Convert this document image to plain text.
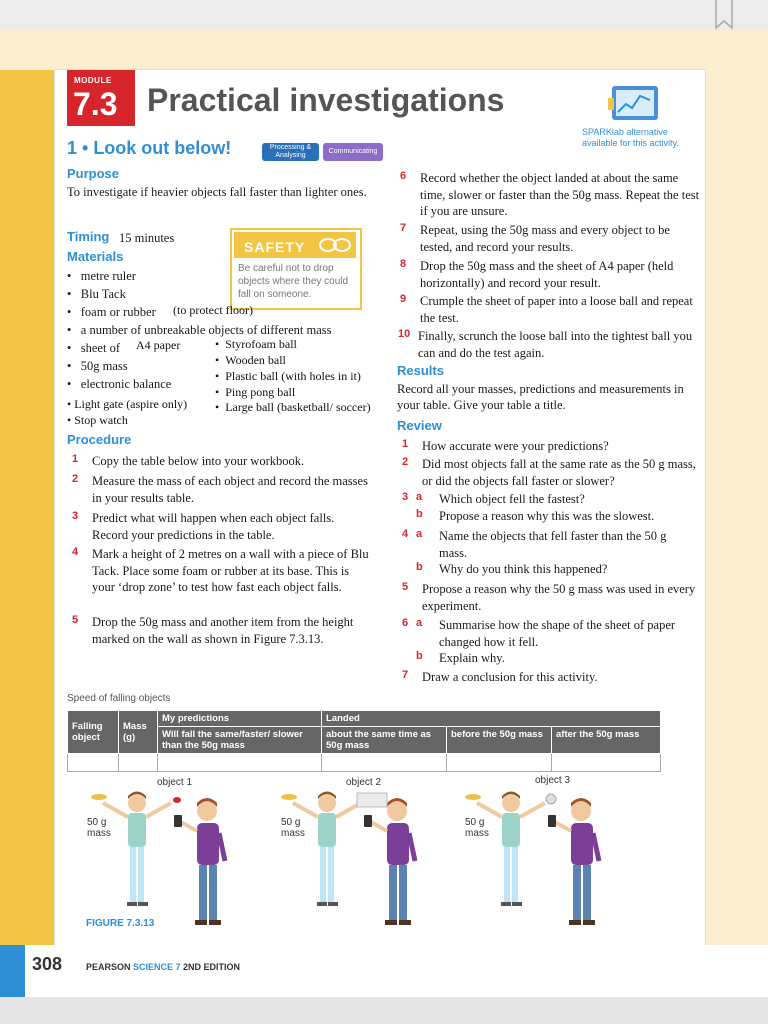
MODULE
7.3 Practical investigations
SPARKlab alternative available for this activity.
1 • Look out below!	Processing & Analysing
Communicating
Purpose
To investigate if heavier objects fall faster than lighter ones.
Timing 15 minutes
SAFETY
Be careful not to drop objects where they could fall on someone.
Materials
•   metre ruler
•   Blu Tack
•   foam or rubber (to protect floor)
•   a number of unbreakable objects of different mass
•   sheet of A4 paper
•   50g mass
•   electronic balance
• Light gate (aspire only)
• Stop watch
•  Styrofoam ball
•  Wooden ball
•  Plastic ball (with holes in it)
•  Ping pong ball
•  Large ball (basketball/ soccer)
Procedure
1 Copy the table below into your workbook.
2 Measure the mass of each object and record the masses in your results table.
3 Predict what will happen when each object falls. Record your predictions in the table.
4 Mark a height of 2 metres on a wall with a piece of Blu Tack. Place some foam or rubber at its base. This is your ‘drop zone’ to test how fast each object falls.
5 Drop the 50g mass and another item from the height marked on the wall as shown in Figure 7.3.13.
6 Record whether the object landed at about the same time, slower or faster than the 50g mass. Repeat the test if you are unsure.
7 Repeat, using the 50g mass and every object to be tested, and record your results.
8 Drop the 50g mass and the sheet of A4 paper (held horizontally) and record your result.
9 Crumple the sheet of paper into a loose ball and repeat the test.
10 Finally, scrunch the loose ball into the tightest ball you can and do the test again.
Results
Record all your masses, predictions and measurements in your table. Give your table a title.
Review
1 How accurate were your predictions?
2 Did most objects fall at the same rate as the 50 g mass, or did the objects fall faster or slower?
3 a Which object fell the fastest?
b Propose a reason why this was the slowest.
4 a Name the objects that fell faster than the 50 g mass.
b Why do you think this happened?
5 Propose a reason why the 50 g mass was used in every experiment.
6 a Summarise how the shape of the sheet of paper changed how it fell.
b Explain why.
7 Draw a conclusion for this activity.
Speed of falling objects
Falling object	Mass (g)	My predictions	Landed		
		Will fall the same/faster/ slower than the 50g mass	about the same time as 50g mass	before the 50g mass	after the 50g mass

object 1	object 2	object 3
50 g mass
50 g mass
50 g mass
FIGURE 7.3.13
308	PEARSON SCIENCE 7 2ND EDITION
